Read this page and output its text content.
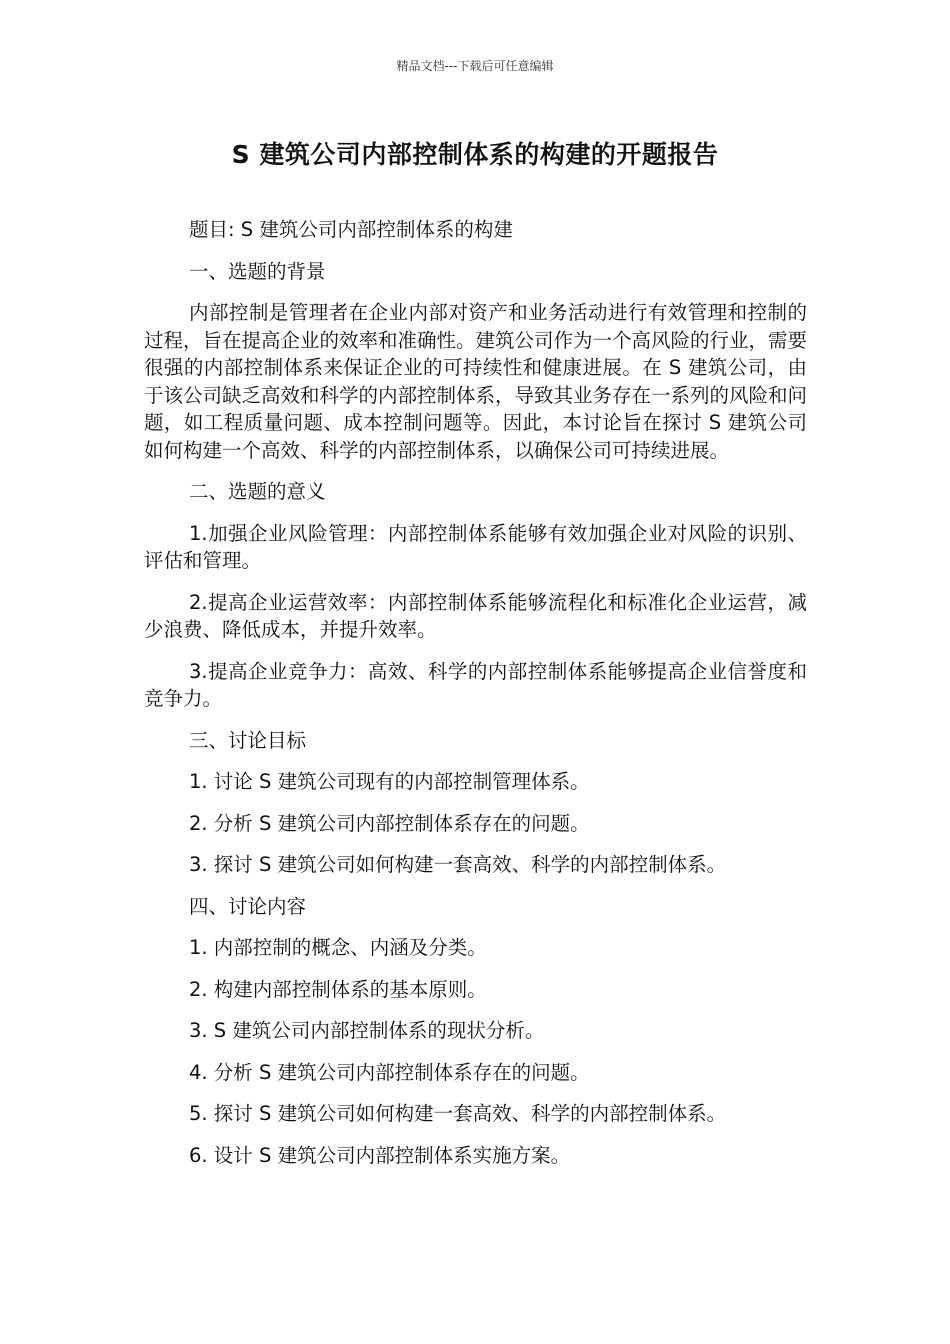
精品文档---下载后可任意编辑
S 建筑公司内部控制体系的构建的开题报告

题目: S 建筑公司内部控制体系的构建

一、选题的背景

内部控制是管理者在企业内部对资产和业务活动进行有效管理和控制的过程，旨在提高企业的效率和准确性。建筑公司作为一个高风险的行业，需要很强的内部控制体系来保证企业的可持续性和健康进展。在 S 建筑公司，由于该公司缺乏高效和科学的内部控制体系，导致其业务存在一系列的风险和问题，如工程质量问题、成本控制问题等。因此，本讨论旨在探讨 S 建筑公司如何构建一个高效、科学的内部控制体系，以确保公司可持续进展。

二、选题的意义

1.加强企业风险管理：内部控制体系能够有效加强企业对风险的识别、评估和管理。

2.提高企业运营效率：内部控制体系能够流程化和标准化企业运营，减少浪费、降低成本，并提升效率。

3.提高企业竞争力：高效、科学的内部控制体系能够提高企业信誉度和竞争力。

三、讨论目标

1. 讨论 S 建筑公司现有的内部控制管理体系。

2. 分析 S 建筑公司内部控制体系存在的问题。

3. 探讨 S 建筑公司如何构建一套高效、科学的内部控制体系。

四、讨论内容

1. 内部控制的概念、内涵及分类。

2. 构建内部控制体系的基本原则。

3. S 建筑公司内部控制体系的现状分析。

4. 分析 S 建筑公司内部控制体系存在的问题。

5. 探讨 S 建筑公司如何构建一套高效、科学的内部控制体系。

6. 设计 S 建筑公司内部控制体系实施方案。
